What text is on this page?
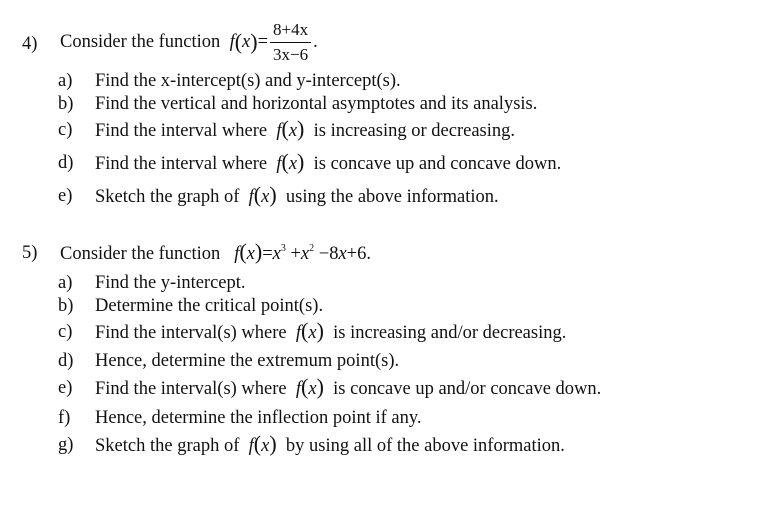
4) Consider the function
f ( x ) = $\frac{8+4x}{3x-6}$ .
a) Find the x-intercept(s) and y-intercept(s).
b) Find the vertical and horizontal asymptotes and its analysis.
c) Find the interval where f(x) is increasing or decreasing.
d) Find the interval where f(x) is concave up and concave down.
e) Sketch the graph of f(x) using the above information.
5) Consider the function $f(x)=x^3 +x^2 -8x+6$.
a) Find the y-intercept.
b) Determine the critical point(s).
c) Find the interval(s) where f(x) is increasing and/or decreasing.
d) Hence, determine the extremum point(s).
e) Find the interval(s) where f(x) is concave up and/or concave down.
f) Hence, determine the inflection point if any.
g) Sketch the graph of f(x) by using all of the above information.
